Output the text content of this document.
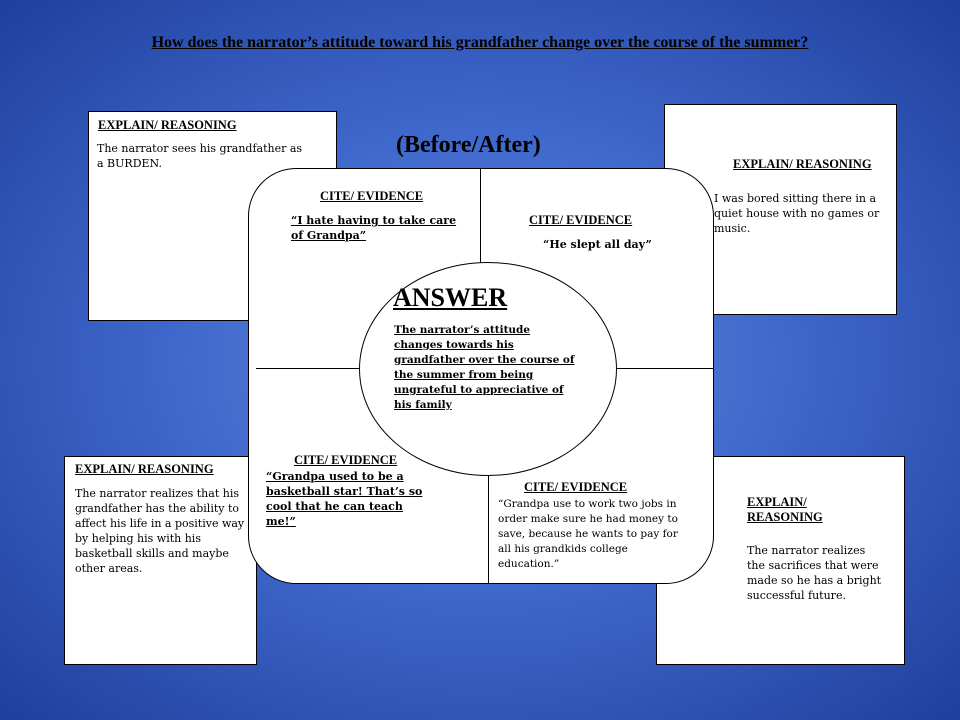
How does the narrator’s attitude toward his grandfather change over the course of the summer?
EXPLAIN/ REASONING
The narrator sees his grandfather as a BURDEN.	EXPLAIN/ REASONING
I was bored sitting there in a quiet house with no games or music.
EXPLAIN/ REASONING
The narrator realizes that his grandfather has the ability to affect his life in a positive way by helping his with his basketball skills and maybe other areas.
EXPLAIN/ REASONING
The narrator realizes the sacrifices that were made so he has a bright successful future.
(Before/After)
CITE/ EVIDENCE
“I hate having to take care of Grandpa”
CITE/ EVIDENCE
“He slept all day”
CITE/ EVIDENCE
“Grandpa used to be a basketball star! That’s so cool that he can teach me!”
CITE/ EVIDENCE
“Grandpa use to work two jobs in order make sure he had money to save, because he wants to pay for all his grandkids college education.”
ANSWER
The narrator’s attitude changes towards his grandfather over the course of the summer from being ungrateful to appreciative of his family
